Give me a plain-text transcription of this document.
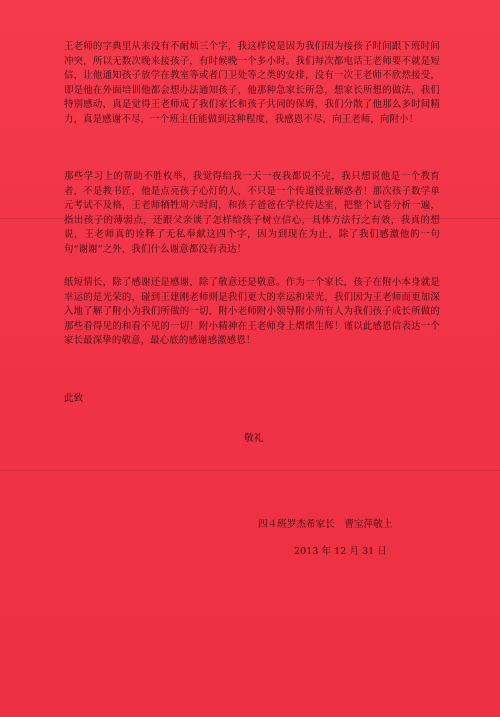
王老师的字典里从来没有不耐烦三个字，我这样说是因为我们因为接孩子时间跟下班时间冲突，所以无数次晚来接孩子，有时候晚一个多小时。我们每次都电话王老师要不就是短信，让他通知孩子放学在教室等或者门卫处等之类的安排，没有一次王老师不欣然接受，即是他在外面培训他都会想办法通知孩子，他那种急家长所急，想家长所想的做法，我们特别感动，真是觉得王老师成了我们家长和孩子共同的保姆，我们分散了他那么多时间精力，真是感谢不尽，一个班主任能做到这种程度，我感恩不尽，向王老师，向附小！

那些学习上的帮助不胜枚举，我觉得给我一天一夜我都说不完，我只想说他是一个教育者，不是教书匠，他是点亮孩子心灯的人，不只是一个传道授业解惑者！那次孩子数学单元考试不及格，王老师牺牲周六时间，和孩子爸爸在学校传达室，把整个试卷分析一遍，指出孩子的薄弱点，还跟父亲谈了怎样给孩子树立信心，具体方法行之有效，我真的想说，王老师真的诠释了无私奉献这四个字，因为到现在为止，除了我们感激他的一句句“谢谢”之外，我们什么谢意都没有表达！

纸短情长，除了感谢还是感谢，除了敬意还是敬意。作为一个家长，孩子在附小本身就是幸运的是光荣的，碰到王建刚老师则是我们更大的幸运和荣光，我们因为王老师而更加深入地了解了附小为我们所做的一切，附小老师附小领导附小所有人为我们孩子成长所做的那些看得见的和看不见的一切！附小精神在王老师身上熠熠生辉！谨以此感恩信表达一个家长最深挚的敬意，最心底的感谢感激感恩！

此致

敬礼

四４班罗杰希家长　曹宝萍敬上

2013 年 12 月 31 日
